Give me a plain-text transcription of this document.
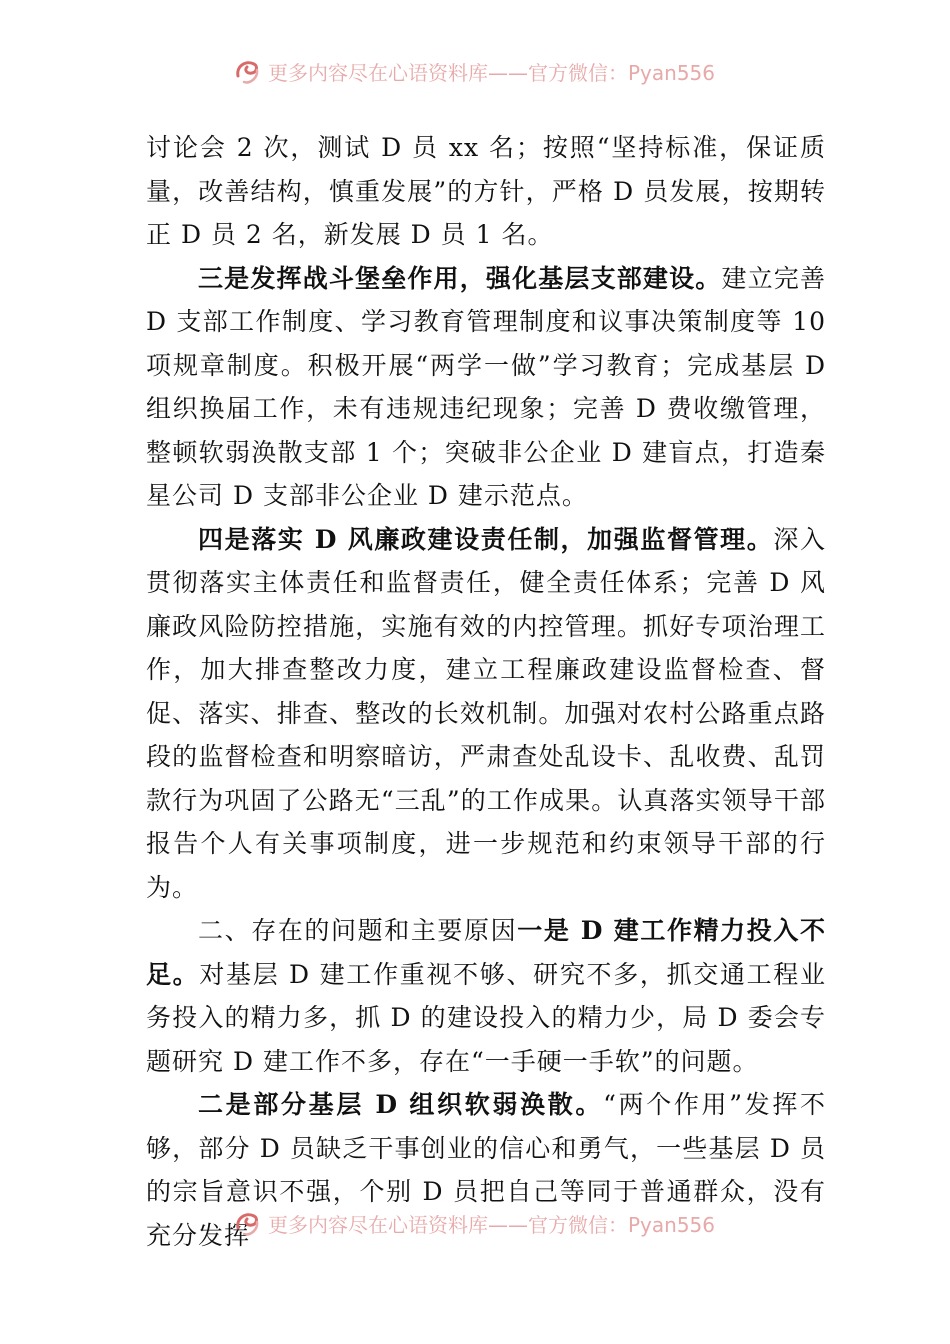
更多内容尽在心语资料库——官方微信：Pyan556

讨论会 2 次，测试 D 员 xx 名；按照“坚持标准，保证质量，改善结构，慎重发展”的方针，严格 D 员发展，按期转正 D 员 2 名，新发展 D 员 1 名。

三是发挥战斗堡垒作用，强化基层支部建设。建立完善 D 支部工作制度、学习教育管理制度和议事决策制度等 10 项规章制度。积极开展“两学一做”学习教育；完成基层 D 组织换届工作，未有违规违纪现象；完善 D 费收缴管理，整顿软弱涣散支部 1 个；突破非公企业 D 建盲点，打造秦星公司 D 支部非公企业 D 建示范点。

四是落实 D 风廉政建设责任制，加强监督管理。深入贯彻落实主体责任和监督责任，健全责任体系；完善 D 风廉政风险防控措施，实施有效的内控管理。抓好专项治理工作，加大排查整改力度，建立工程廉政建设监督检查、督促、落实、排查、整改的长效机制。加强对农村公路重点路段的监督检查和明察暗访，严肃查处乱设卡、乱收费、乱罚款行为巩固了公路无“三乱”的工作成果。认真落实领导干部报告个人有关事项制度，进一步规范和约束领导干部的行为。

二、存在的问题和主要原因一是 D 建工作精力投入不足。对基层 D 建工作重视不够、研究不多，抓交通工程业务投入的精力多，抓 D 的建设投入的精力少，局 D 委会专题研究 D 建工作不多，存在“一手硬一手软”的问题。

二是部分基层 D 组织软弱涣散。“两个作用”发挥不够，部分 D 员缺乏干事创业的信心和勇气，一些基层 D 员的宗旨意识不强，个别 D 员把自己等同于普通群众，没有充分发挥 更多内容尽在心语资料库——官方微信：Pyan556
